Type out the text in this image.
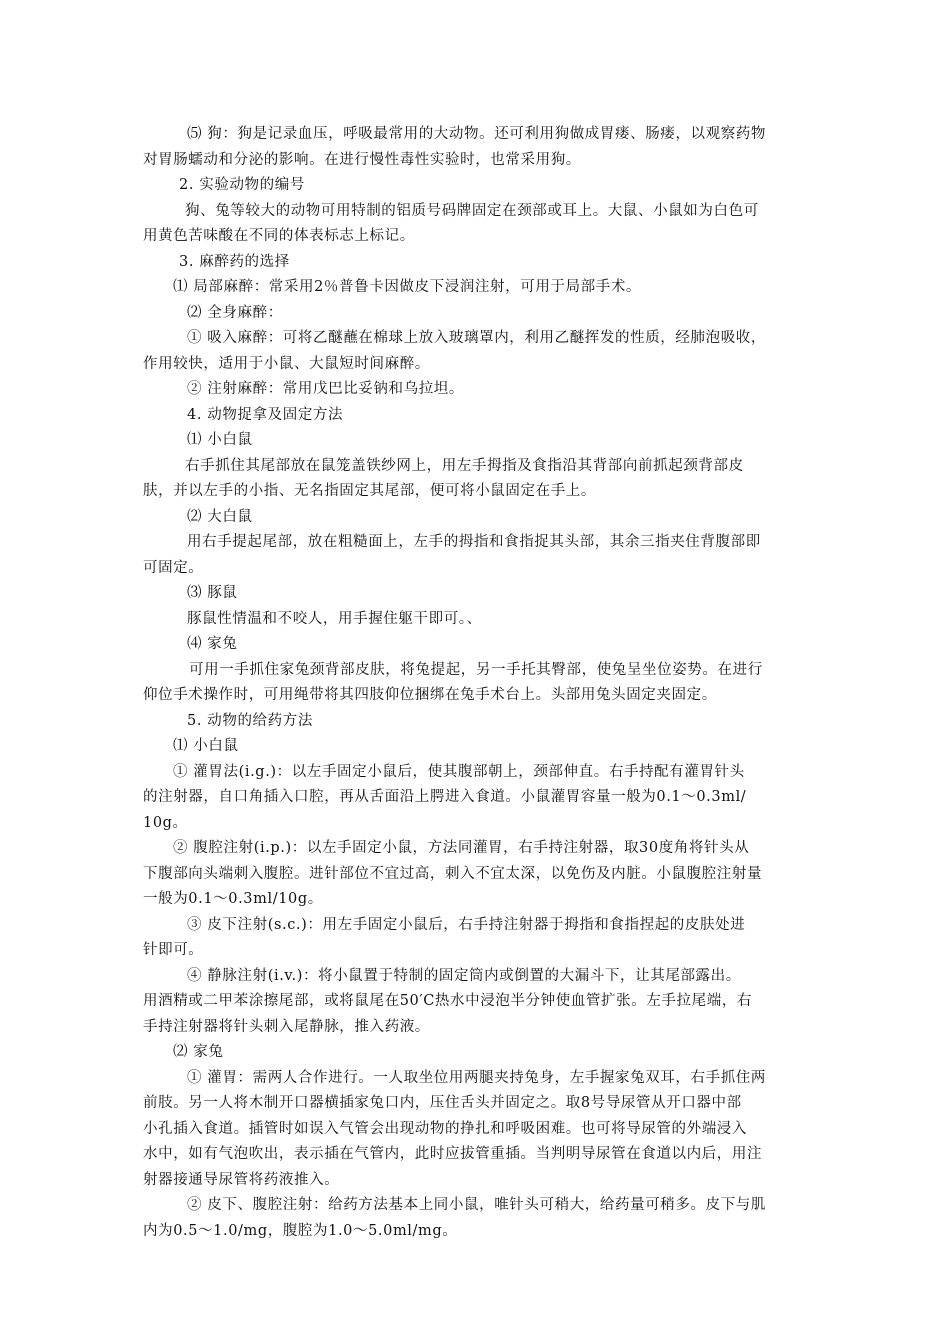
⑸ 狗：狗是记录血压，呼吸最常用的大动物。还可利用狗做成胃瘘、肠瘘，以观察药物
对胃肠蠕动和分泌的影响。在进行慢性毒性实验时，也常采用狗。
2. 实验动物的编号
狗、兔等较大的动物可用特制的铝质号码牌固定在颈部或耳上。大鼠、小鼠如为白色可
用黄色苦味酸在不同的体表标志上标记。
3. 麻醉药的选择
⑴ 局部麻醉：常采用2％普鲁卡因做皮下浸润注射，可用于局部手术。
⑵ 全身麻醉：
① 吸入麻醉：可将乙醚蘸在棉球上放入玻璃罩内，利用乙醚挥发的性质，经肺泡吸收，
作用较快，适用于小鼠、大鼠短时间麻醉。
② 注射麻醉：常用戊巴比妥钠和乌拉坦。
4. 动物捉拿及固定方法
⑴ 小白鼠
右手抓住其尾部放在鼠笼盖铁纱网上，用左手拇指及食指沿其背部向前抓起颈背部皮
肤，并以左手的小指、无名指固定其尾部，便可将小鼠固定在手上。
⑵ 大白鼠
用右手提起尾部，放在粗糙面上，左手的拇指和食指捉其头部，其余三指夹住背腹部即
可固定。
⑶ 豚鼠
豚鼠性情温和不咬人，用手握住躯干即可。、
⑷ 家兔
可用一手抓住家兔颈背部皮肤，将兔提起，另一手托其臀部，使兔呈坐位姿势。在进行
仰位手术操作时，可用绳带将其四肢仰位捆绑在兔手术台上。头部用兔头固定夹固定。
5. 动物的给药方法
⑴ 小白鼠
① 灌胃法(i.g.)：以左手固定小鼠后，使其腹部朝上，颈部伸直。右手持配有灌胃针头
的注射器，自口角插入口腔，再从舌面沿上腭进入食道。小鼠灌胃容量一般为0.1～0.3ml/
10g。
② 腹腔注射(i.p.)：以左手固定小鼠，方法同灌胃，右手持注射器，取30度角将针头从
下腹部向头端刺入腹腔。进针部位不宜过高，刺入不宜太深，以免伤及内脏。小鼠腹腔注射量
一般为0.1～0.3ml/10g。
③ 皮下注射(s.c.)：用左手固定小鼠后，右手持注射器于拇指和食指捏起的皮肤处进
针即可。
④ 静脉注射(i.v.)：将小鼠置于特制的固定筒内或倒置的大漏斗下，让其尾部露出。
用酒精或二甲苯涂擦尾部，或将鼠尾在50′C热水中浸泡半分钟使血管扩张。左手拉尾端，右
手持注射器将针头刺入尾静脉，推入药液。
⑵ 家兔
① 灌胃：需两人合作进行。一人取坐位用两腿夹持兔身，左手握家兔双耳，右手抓住两
前肢。另一人将木制开口器横插家兔口内，压住舌头并固定之。取8号导尿管从开口器中部
小孔插入食道。插管时如误入气管会出现动物的挣扎和呼吸困难。也可将导尿管的外端浸入
水中，如有气泡吹出，表示插在气管内，此时应拔管重插。当判明导尿管在食道以内后，用注
射器接通导尿管将药液推入。
② 皮下、腹腔注射：给药方法基本上同小鼠，唯针头可稍大，给药量可稍多。皮下与肌
内为0.5～1.0/mg，腹腔为1.0～5.0ml/mg。
